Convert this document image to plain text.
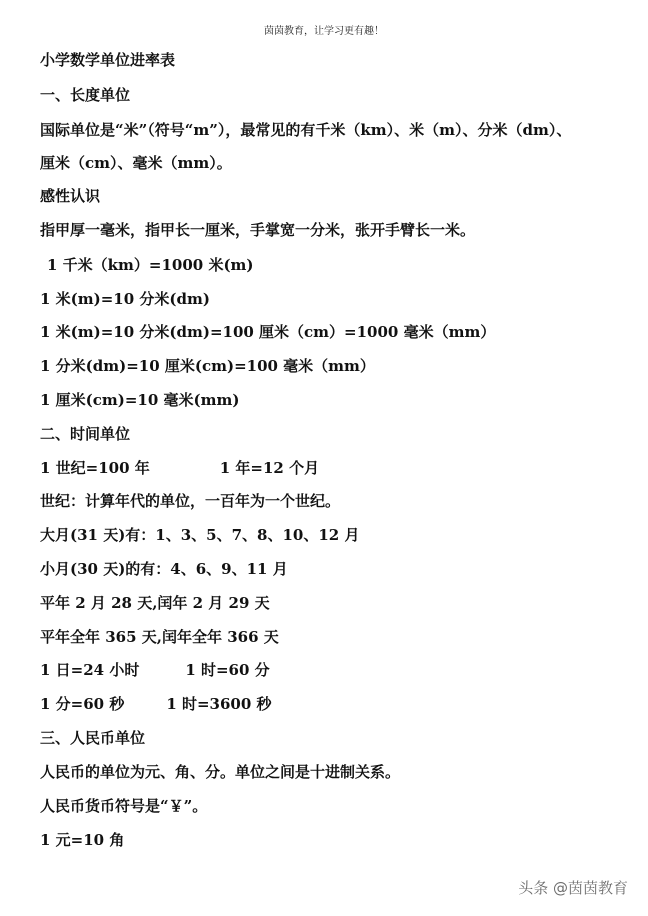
茵茵教育，让学习更有趣！
小学数学单位进率表
一、长度单位
国际单位是“米”（符号“m”），最常见的有千米（km）、米（m）、分米（dm）、
厘米（cm）、毫米（mm）。
感性认识
指甲厚一毫米，指甲长一厘米，手掌宽一分米，张开手臂长一米。
1 千米（km）=1000 米(m)
1 米(m)=10 分米(dm)
1 米(m)=10 分米(dm)=100 厘米（cm）=1000 毫米（mm）
1 分米(dm)=10 厘米(cm)=100 毫米（mm）
1 厘米(cm)=10 毫米(mm)
二、时间单位
1 世纪=100 年	1 年=12 个月
世纪：计算年代的单位，一百年为一个世纪。
大月(31 天)有：1、3、5、7、8、10、12 月
小月(30 天)的有：4、6、9、11 月
平年 2 月 28 天,闰年 2 月 29 天
平年全年 365 天,闰年全年 366 天
1 日=24 小时	1 时=60 分
1 分=60 秒	1 时=3600 秒
三、人民币单位
人民币的单位为元、角、分。单位之间是十进制关系。
人民币货币符号是“￥”。
1 元=10 角
头条 @茵茵教育
